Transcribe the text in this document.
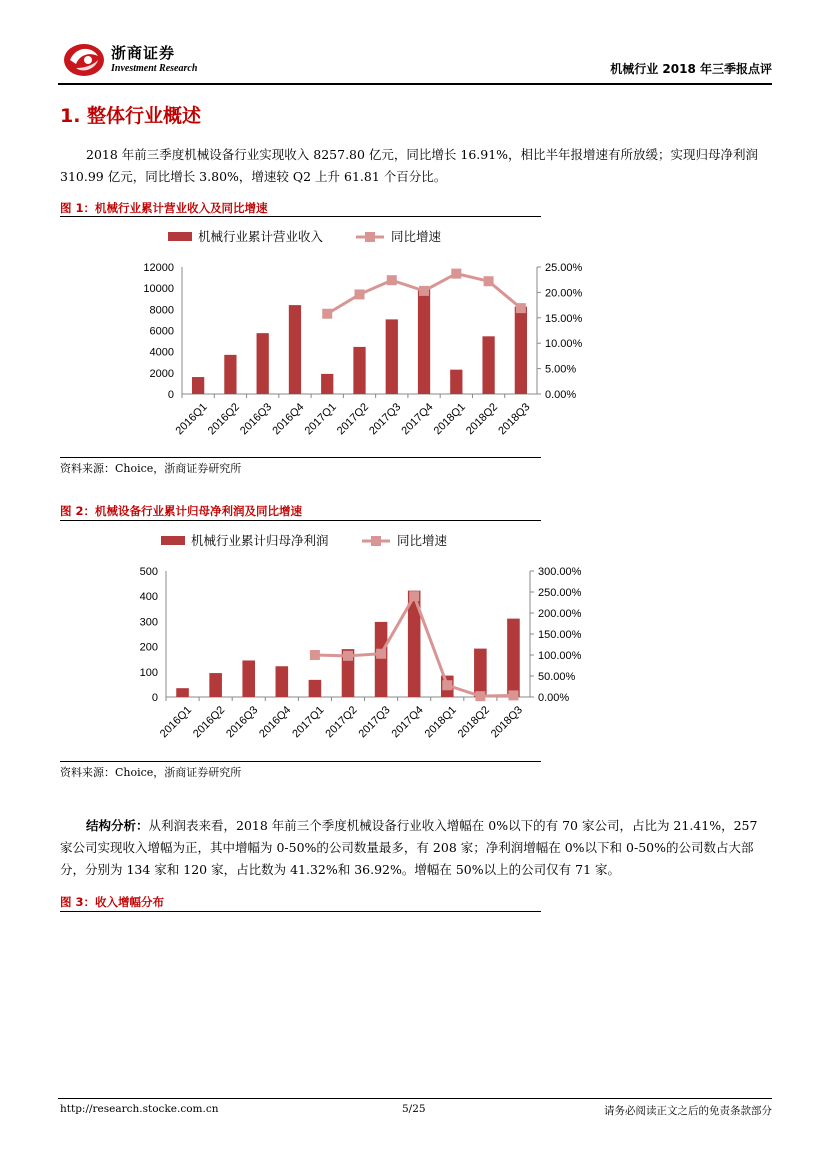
浙商证券
Investment Research	机械行业 2018 年三季报点评
1. 整体行业概述

2018 年前三季度机械设备行业实现收入 8257.80 亿元，同比增长 16.91%，相比半年报增速有所放缓；实现归母净利润 310.99 亿元，同比增长 3.80%，增速较 Q2 上升 61.81 个百分比。

图 1：机械行业累计营业收入及同比增速
机械行业累计营业收入	同比增速
12000
10000
8000
6000
4000
2000
0
25.00%
20.00%
15.00%
10.00%
5.00%
0.00%
2016Q1
2016Q2
2016Q3
2016Q4
2017Q1
2017Q2
2017Q3
2017Q4
2018Q1
2018Q2
2018Q3
资料来源：Choice，浙商证券研究所
图 2：机械设备行业累计归母净利润及同比增速
机械行业累计归母净利润	同比增速
500
400
300
200
100
0
300.00%
250.00%
200.00%
150.00%
100.00%
50.00%
0.00%
2016Q1
2016Q2
2016Q3
2016Q4
2017Q1
2017Q2
2017Q3
2017Q4
2018Q1
2018Q2
2018Q3
资料来源：Choice，浙商证券研究所

结构分析：从利润表来看，2018 年前三个季度机械设备行业收入增幅在 0%以下的有 70 家公司，占比为 21.41%，257 家公司实现收入增幅为正，其中增幅为 0-50%的公司数量最多，有 208 家；净利润增幅在 0%以下和 0-50%的公司数占大部分，分别为 134 家和 120 家，占比数为 41.32%和 36.92%。增幅在 50%以上的公司仅有 71 家。

图 3：收入增幅分布
http://research.stocke.com.cn	5/25	请务必阅读正文之后的免责条款部分
